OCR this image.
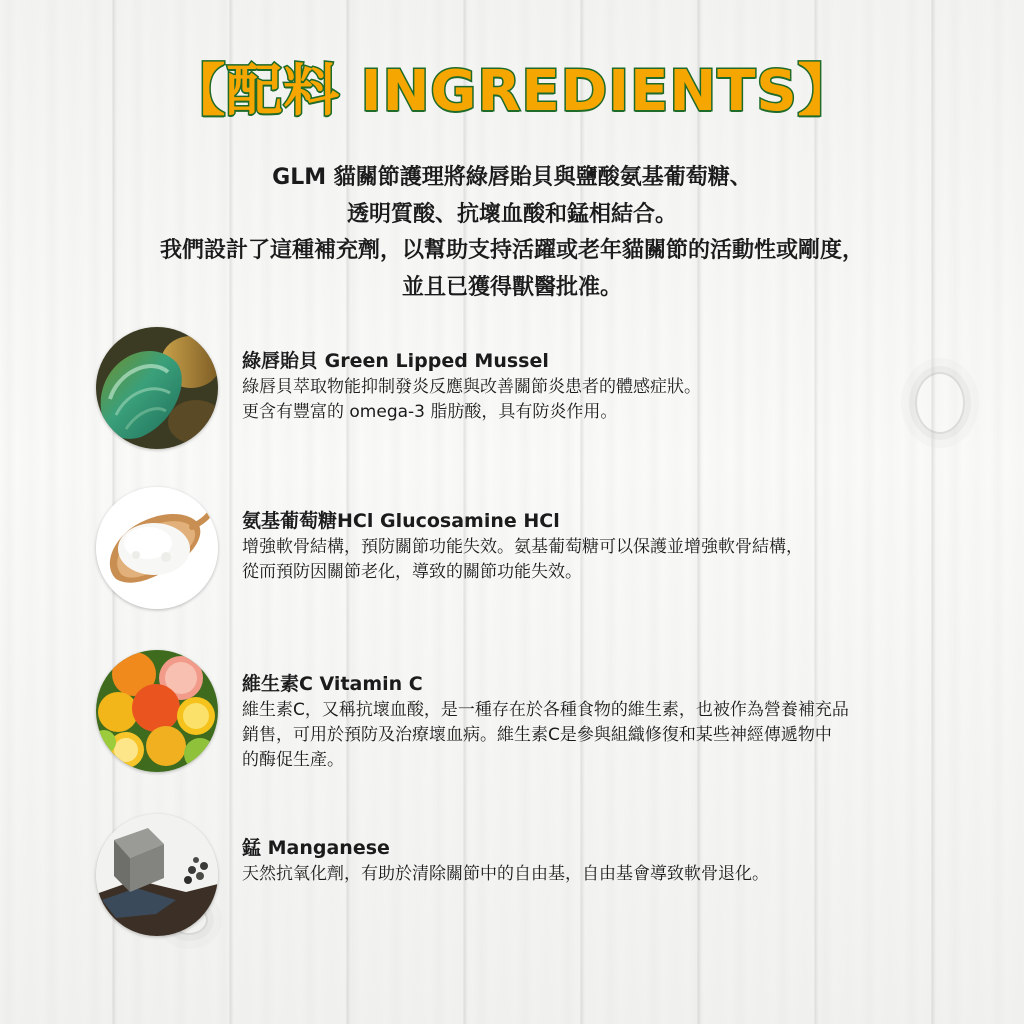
【配料 INGREDIENTS】
GLM 貓關節護理將綠唇貽貝與鹽酸氨基葡萄糖、
透明質酸、抗壞血酸和錳相結合。
我們設計了這種補充劑，以幫助支持活躍或老年貓關節的活動性或剛度，
並且已獲得獸醫批准。
綠唇貽貝 Green Lipped Mussel
綠唇貝萃取物能抑制發炎反應與改善關節炎患者的體感症狀。
更含有豐富的 omega-3 脂肪酸，具有防炎作用。
氨基葡萄糖HCl Glucosamine HCl
增強軟骨結構，預防關節功能失效。氨基葡萄糖可以保護並增強軟骨結構，
從而預防因關節老化，導致的關節功能失效。
維生素C Vitamin C
維生素C，又稱抗壞血酸，是一種存在於各種食物的維生素，也被作為營養補充品
銷售，可用於預防及治療壞血病。維生素C是參與組織修復和某些神經傳遞物中
的酶促生產。
錳 Manganese
天然抗氧化劑，有助於清除關節中的自由基，自由基會導致軟骨退化。
